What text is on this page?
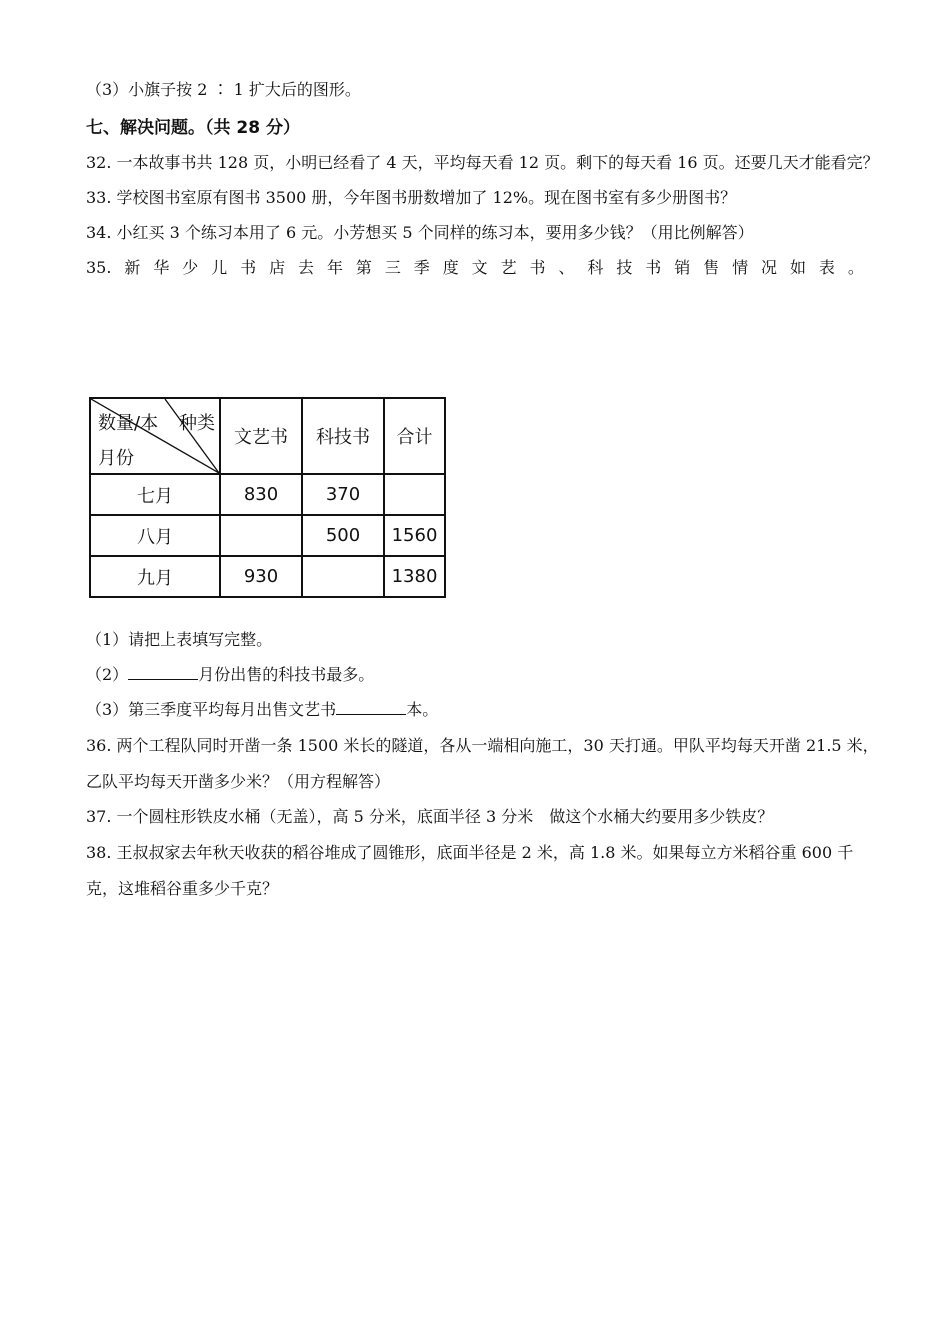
（3）小旗子按 2 ∶ 1 扩大后的图形。
七、解决问题。（共 28 分）
32. 一本故事书共 128 页，小明已经看了 4 天，平均每天看 12 页。剩下的每天看 16 页。还要几天才能看完？
33. 学校图书室原有图书 3500 册，今年图书册数增加了 12%。现在图书室有多少册图书？
34. 小红买 3 个练习本用了 6 元。小芳想买 5 个同样的练习本，要用多少钱？（用比例解答）
35. 新 华 少 儿 书 店 去 年 第 三 季 度 文 艺 书 、 科 技 书 销 售 情 况 如 表 。
数量/本 种类
月份	文艺书	科技书	合计
七月	830	370	
八月		500	1560
九月	930		1380
（1）请把上表填写完整。
（2）	月份出售的科技书最多。
（3）第三季度平均每月出售文艺书	本。
36. 两个工程队同时开凿一条 1500 米长的隧道，各从一端相向施工，30 天打通。甲队平均每天开凿 21.5 米，
乙队平均每天开凿多少米？（用方程解答）
37. 一个圆柱形铁皮水桶（无盖），高 5 分米，底面半径 3 分米　做这个水桶大约要用多少铁皮？
38. 王叔叔家去年秋天收获的稻谷堆成了圆锥形，底面半径是 2 米，高 1.8 米。如果每立方米稻谷重 600 千
克，这堆稻谷重多少千克？
